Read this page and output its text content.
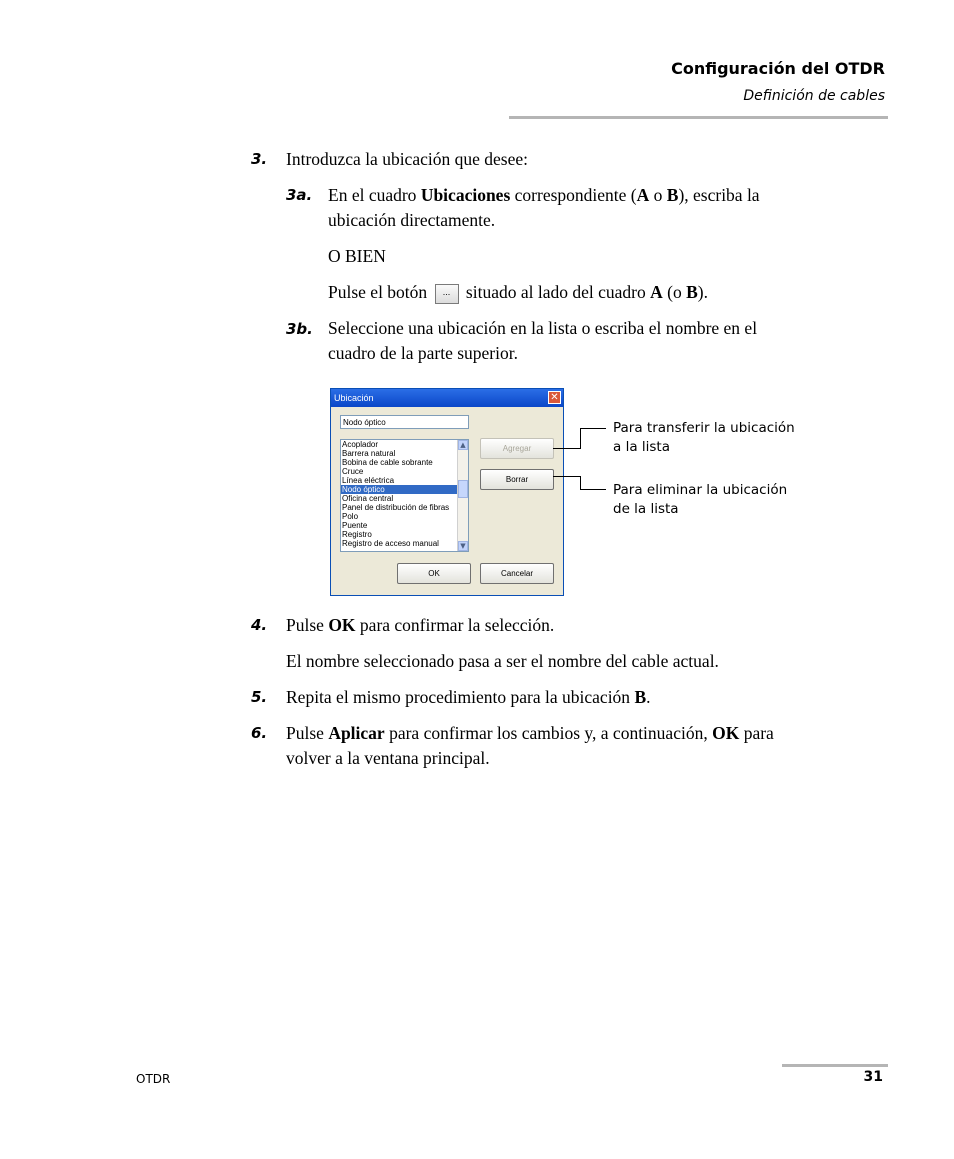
Configuración del OTDR
Definición de cables
3. Introduzca la ubicación que desee:
3a. En el cuadro Ubicaciones correspondiente (A o B), escriba la
ubicación directamente.
O BIEN
Pulse el botón ... situado al lado del cuadro A (o B).
3b. Seleccione una ubicación en la lista o escriba el nombre en el
cuadro de la parte superior.
Ubicación	✕
Nodo óptico
Acoplador
Barrera natural
Bobina de cable sobrante
Cruce
Línea eléctrica
Nodo óptico
Oficina central
Panel de distribución de fibras
Polo
Puente
Registro
Registro de acceso manual
▲
▼
Agregar
Borrar
OK	Cancelar
Para transferir la ubicación
a la lista
Para eliminar la ubicación
de la lista
4. Pulse OK para confirmar la selección.
El nombre seleccionado pasa a ser el nombre del cable actual.
5. Repita el mismo procedimiento para la ubicación B.
6. Pulse Aplicar para confirmar los cambios y, a continuación, OK para
volver a la ventana principal.
OTDR	31
